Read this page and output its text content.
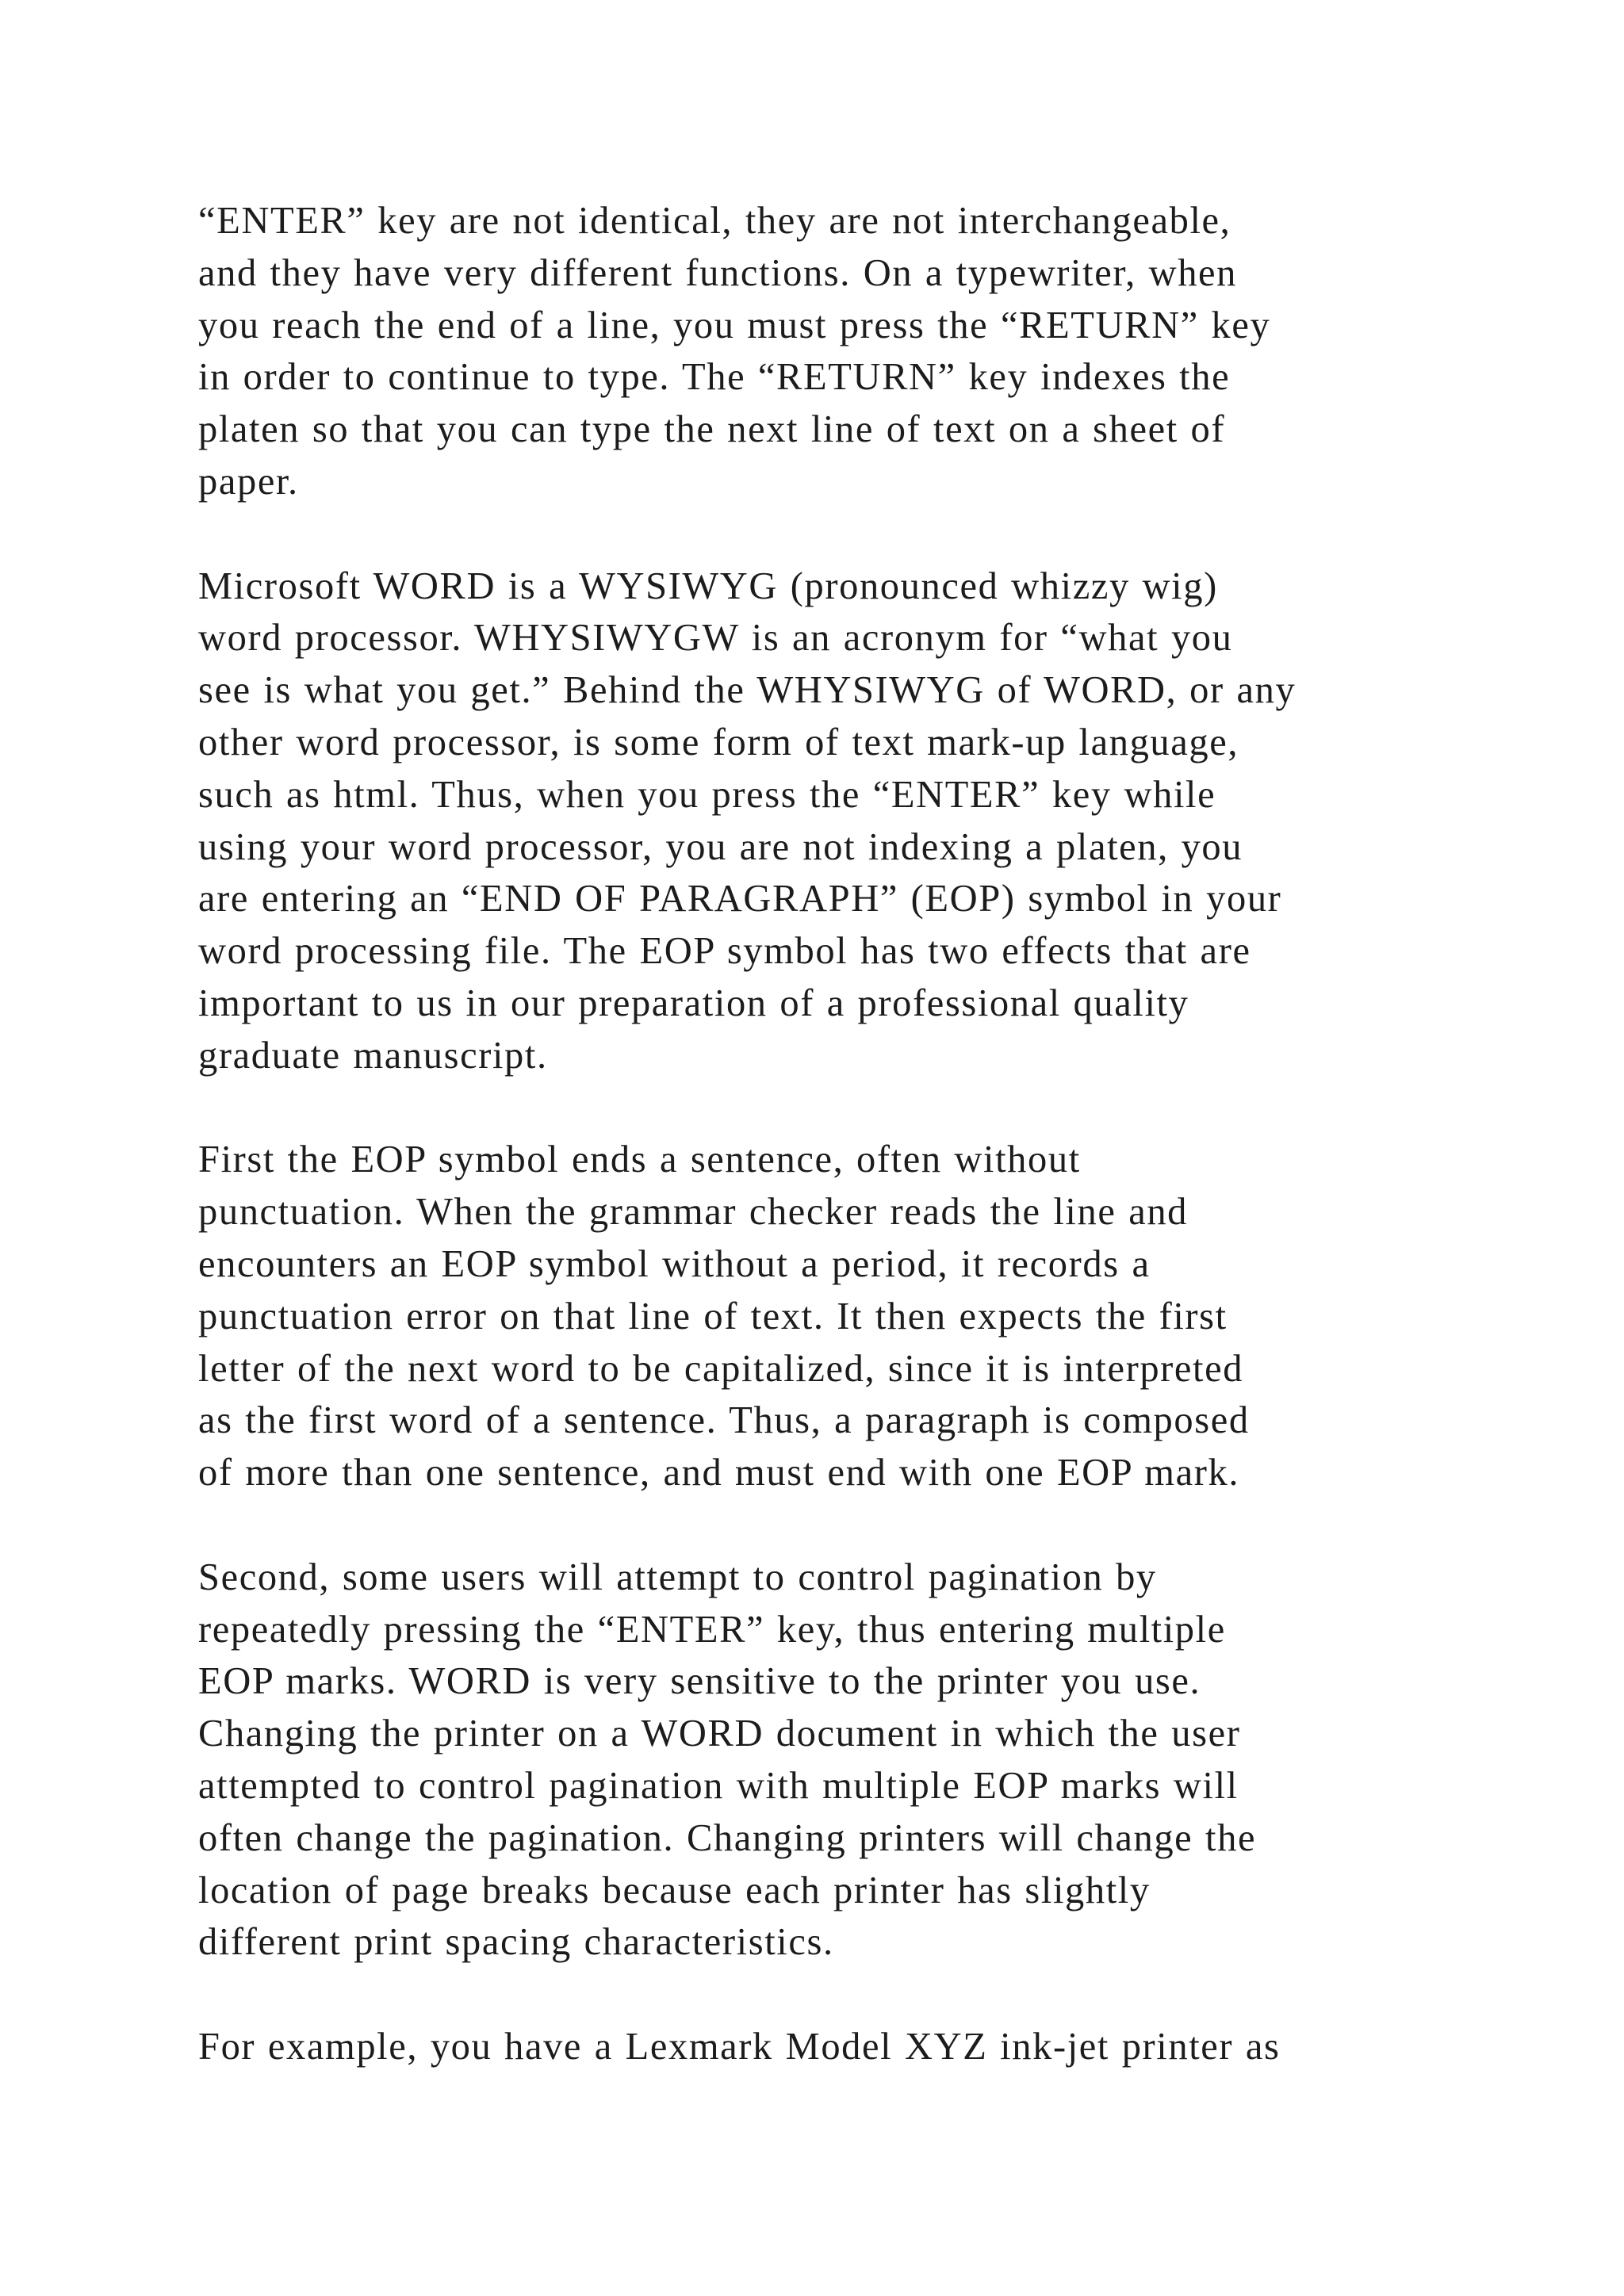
“ENTER” key are not identical, they are not interchangeable,
and they have very different functions. On a typewriter, when
you reach the end of a line, you must press the “RETURN” key
in order to continue to type. The “RETURN” key indexes the
platen so that you can type the next line of text on a sheet of
paper.

Microsoft WORD is a WYSIWYG (pronounced whizzy wig)
word processor. WHYSIWYGW is an acronym for “what you
see is what you get.” Behind the WHYSIWYG of WORD, or any
other word processor, is some form of text mark-up language,
such as html. Thus, when you press the “ENTER” key while
using your word processor, you are not indexing a platen, you
are entering an “END OF PARAGRAPH” (EOP) symbol in your
word processing file. The EOP symbol has two effects that are
important to us in our preparation of a professional quality
graduate manuscript.

First the EOP symbol ends a sentence, often without
punctuation. When the grammar checker reads the line and
encounters an EOP symbol without a period, it records a
punctuation error on that line of text. It then expects the first
letter of the next word to be capitalized, since it is interpreted
as the first word of a sentence. Thus, a paragraph is composed
of more than one sentence, and must end with one EOP mark.

Second, some users will attempt to control pagination by
repeatedly pressing the “ENTER” key, thus entering multiple
EOP marks. WORD is very sensitive to the printer you use.
Changing the printer on a WORD document in which the user
attempted to control pagination with multiple EOP marks will
often change the pagination. Changing printers will change the
location of page breaks because each printer has slightly
different print spacing characteristics.

For example, you have a Lexmark Model XYZ ink-jet printer as
